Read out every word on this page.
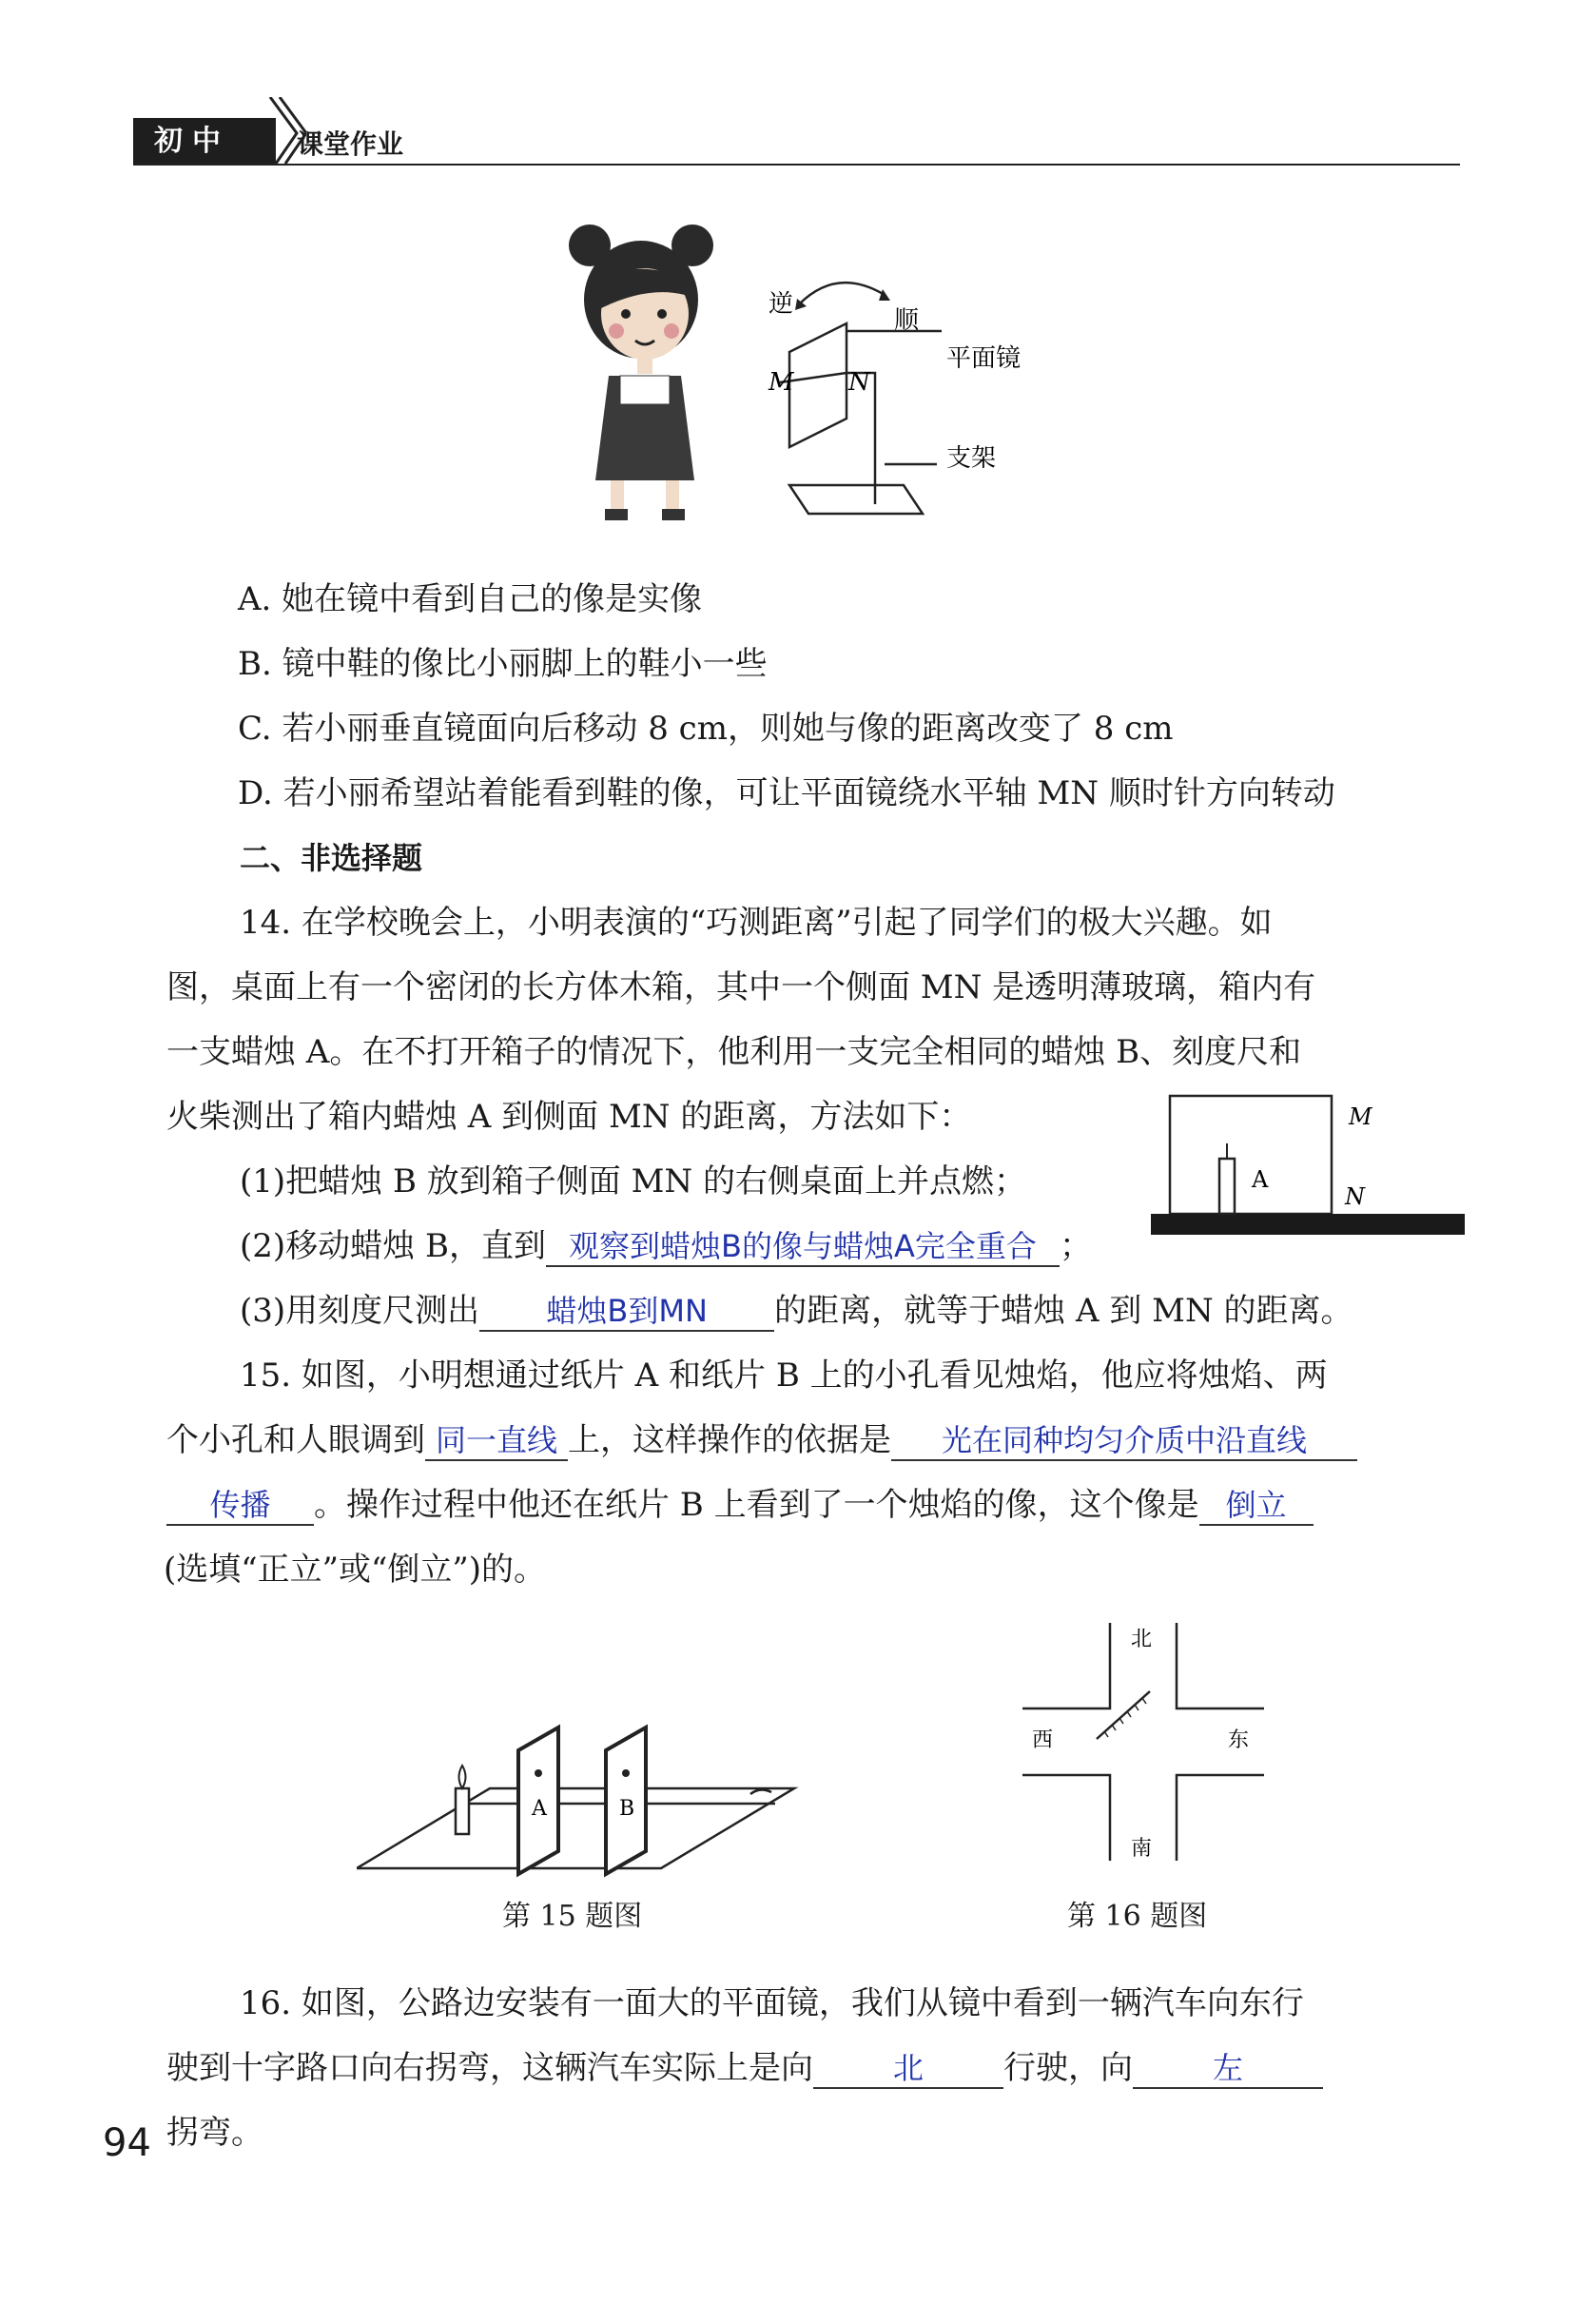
初中	课堂作业
M N
逆
顺
平面镜
支架
A. 她在镜中看到自己的像是实像
B. 镜中鞋的像比小丽脚上的鞋小一些
C. 若小丽垂直镜面向后移动 8 cm，则她与像的距离改变了 8 cm
D. 若小丽希望站着能看到鞋的像，可让平面镜绕水平轴 MN 顺时针方向转动
二、非选择题
14. 在学校晚会上，小明表演的“巧测距离”引起了同学们的极大兴趣。如
图，桌面上有一个密闭的长方体木箱，其中一个侧面 MN 是透明薄玻璃，箱内有
一支蜡烛 A。在不打开箱子的情况下，他利用一支完全相同的蜡烛 B、刻度尺和
火柴测出了箱内蜡烛 A 到侧面 MN 的距离，方法如下：
(1)把蜡烛 B 放到箱子侧面 MN 的右侧桌面上并点燃；
(2)移动蜡烛 B，直到 观察到蜡烛B的像与蜡烛A完全重合 ；
(3)用刻度尺测出 蜡烛B到MN 的距离，就等于蜡烛 A 到 MN 的距离。
M
N
A
15. 如图，小明想通过纸片 A 和纸片 B 上的小孔看见烛焰，他应将烛焰、两
个小孔和人眼调到 同一直线 上，这样操作的依据是 光在同种均匀介质中沿直线
传播 。操作过程中他还在纸片 B 上看到了一个烛焰的像，这个像是 倒立
(选填“正立”或“倒立”)的。
A	B
第 15 题图
北
西	东
南
第 16 题图
16. 如图，公路边安装有一面大的平面镜，我们从镜中看到一辆汽车向东行
驶到十字路口向右拐弯，这辆汽车实际上是向	北 行驶，向	左
拐弯。
94
